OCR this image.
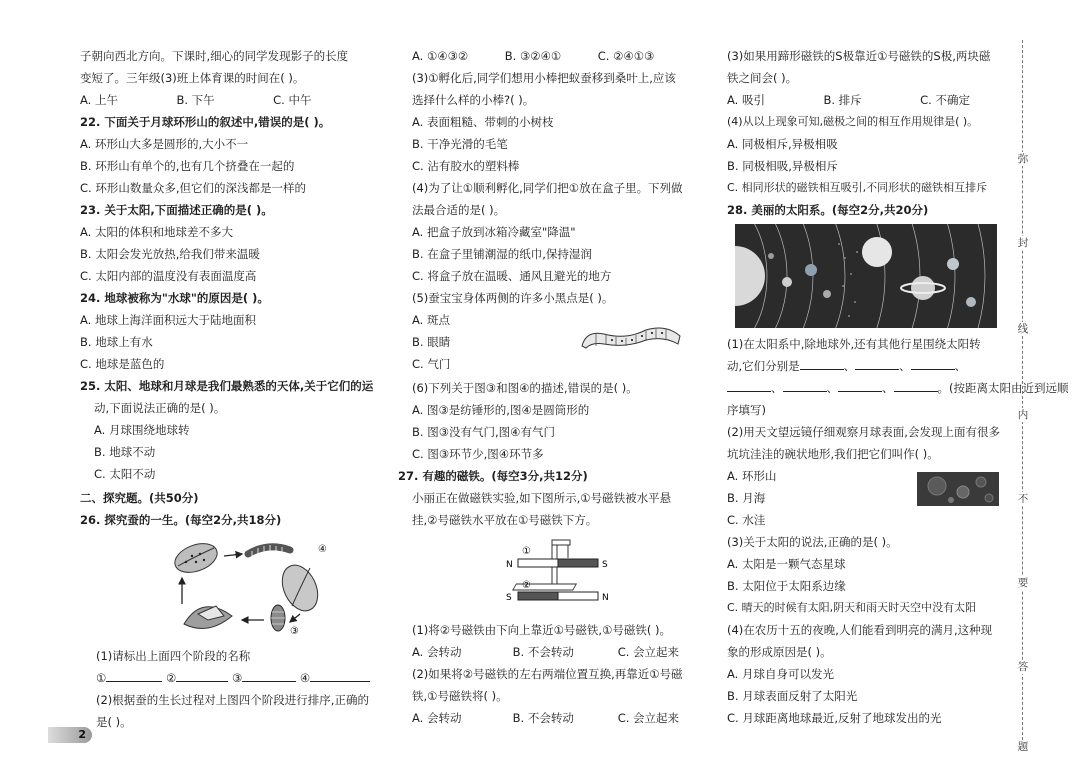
子朝向西北方向。下课时,细心的同学发现影子的长度
变短了。三年级(3)班上体育课的时间在( )。
A. 上午                B. 下午                C. 中午
22. 下面关于月球环形山的叙述中,错误的是( )。
A. 环形山大多是圆形的,大小不一
B. 环形山有单个的,也有几个挤叠在一起的
C. 环形山数量众多,但它们的深浅都是一样的
23. 关于太阳,下面描述正确的是( )。
A. 太阳的体积和地球差不多大
B. 太阳会发光放热,给我们带来温暖
C. 太阳内部的温度没有表面温度高
24. 地球被称为"水球"的原因是( )。
A. 地球上海洋面积远大于陆地面积
B. 地球上有水
C. 地球是蓝色的
25. 太阳、地球和月球是我们最熟悉的天体,关于它们的运
动,下面说法正确的是( )。
A. 月球围绕地球转
B. 地球不动
C. 太阳不动
二、探究题。(共50分)
26. 探究蚕的一生。(每空2分,共18分)
④
③
(1)请标出上面四个阶段的名称
①	②	③	④
(2)根据蚕的生长过程对上图四个阶段进行排序,正确的
是( )。
A. ①④③②          B. ③②④①          C. ②④①③
(3)①孵化后,同学们想用小棒把蚁蚕移到桑叶上,应该
选择什么样的小棒?( )。
A. 表面粗糙、带刺的小树枝
B. 干净光滑的毛笔
C. 沾有胶水的塑料棒
(4)为了让①顺利孵化,同学们把①放在盒子里。下列做
法最合适的是( )。
A. 把盒子放到冰箱冷藏室"降温"
B. 在盒子里铺潮湿的纸巾,保持湿润
C. 将盒子放在温暖、通风且避光的地方
(5)蚕宝宝身体两侧的许多小黑点是( )。
A. 斑点
B. 眼睛
C. 气门
(6)下列关于图③和图④的描述,错误的是( )。
A. 图③是纺锤形的,图④是圆筒形的
B. 图③没有气门,图④有气门
C. 图③环节少,图④环节多
27. 有趣的磁铁。(每空3分,共12分)
小丽正在做磁铁实验,如下图所示,①号磁铁被水平悬
挂,②号磁铁水平放在①号磁铁下方。
①
②
N	S
S	N
(1)将②号磁铁由下向上靠近①号磁铁,①号磁铁( )。
A. 会转动              B. 不会转动            C. 会立起来
(2)如果将②号磁铁的左右两端位置互换,再靠近①号磁
铁,①号磁铁将( )。
A. 会转动              B. 不会转动            C. 会立起来
(3)如果用蹄形磁铁的S极靠近①号磁铁的S极,两块磁
铁之间会( )。
A. 吸引                B. 排斥                C. 不确定
(4)从以上现象可知,磁极之间的相互作用规律是( )。
A. 同极相斥,异极相吸
B. 同极相吸,异极相斥
C. 相同形状的磁铁相互吸引,不同形状的磁铁相互排斥
28. 美丽的太阳系。(每空2分,共20分)
(1)在太阳系中,除地球外,还有其他行星围绕太阳转
动,它们分别是	、	、	、
、	、	、	。(按距离太阳由近到远顺
序填写)
(2)用天文望远镜仔细观察月球表面,会发现上面有很多
坑坑洼洼的碗状地形,我们把它们叫作( )。
A. 环形山
B. 月海
C. 水洼
(3)关于太阳的说法,正确的是( )。
A. 太阳是一颗气态星球
B. 太阳位于太阳系边缘
C. 晴天的时候有太阳,阴天和雨天时天空中没有太阳
(4)在农历十五的夜晚,人们能看到明亮的满月,这种现
象的形成原因是( )。
A. 月球自身可以发光
B. 月球表面反射了太阳光
C. 月球距离地球最近,反射了地球发出的光
弥
封
线
内
不
要
答
题
2
